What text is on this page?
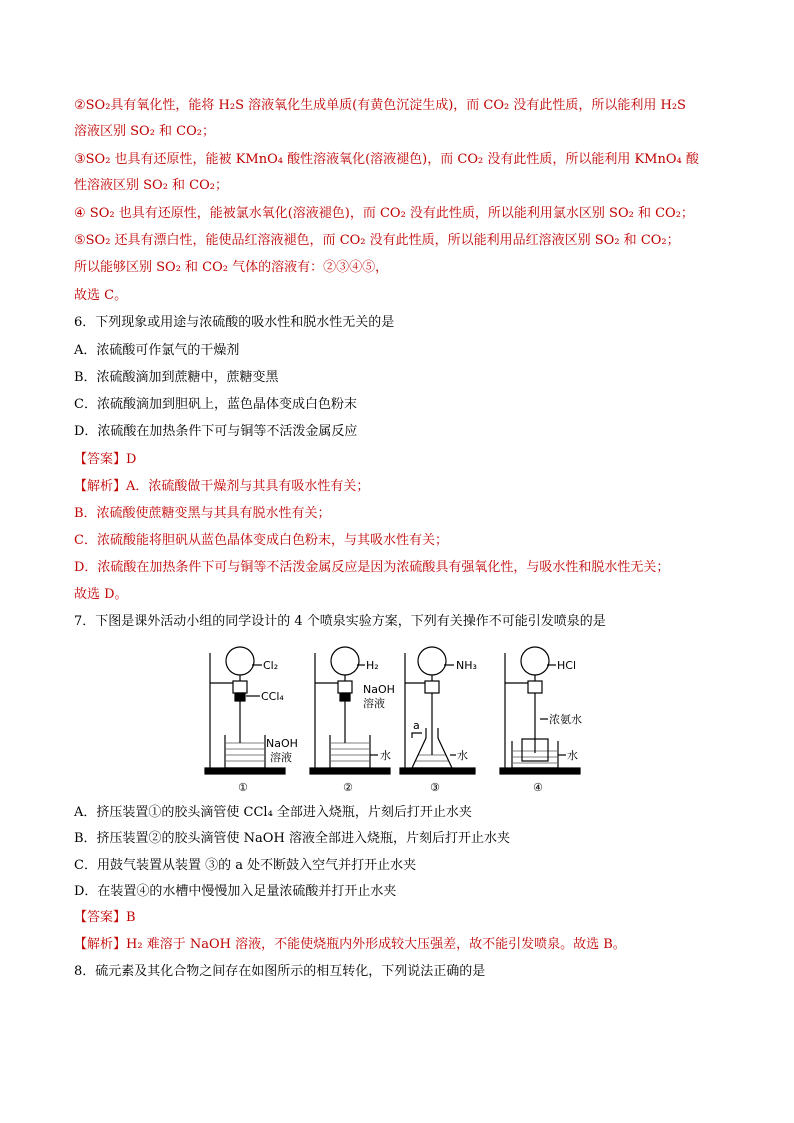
②SO₂具有氧化性，能将 H₂S 溶液氧化生成单质(有黄色沉淀生成)，而 CO₂ 没有此性质，所以能利用 H₂S
溶液区别 SO₂ 和 CO₂；
③SO₂ 也具有还原性，能被 KMnO₄ 酸性溶液氧化(溶液褪色)，而 CO₂ 没有此性质，所以能利用 KMnO₄ 酸
性溶液区别 SO₂ 和 CO₂；
④ SO₂ 也具有还原性，能被氯水氧化(溶液褪色)，而 CO₂ 没有此性质，所以能利用氯水区别 SO₂ 和 CO₂；
⑤SO₂ 还具有漂白性，能使品红溶液褪色，而 CO₂ 没有此性质，所以能利用品红溶液区别 SO₂ 和 CO₂；
所以能够区别 SO₂ 和 CO₂ 气体的溶液有：②③④⑤，
故选 C。
6．下列现象或用途与浓硫酸的吸水性和脱水性无关的是
A．浓硫酸可作氯气的干燥剂
B．浓硫酸滴加到蔗糖中，蔗糖变黑
C．浓硫酸滴加到胆矾上，蓝色晶体变成白色粉末
D．浓硫酸在加热条件下可与铜等不活泼金属反应
【答案】D
【解析】A．浓硫酸做干燥剂与其具有吸水性有关；
B．浓硫酸使蔗糖变黑与其具有脱水性有关；
C．浓硫酸能将胆矾从蓝色晶体变成白色粉末，与其吸水性有关；
D．浓硫酸在加热条件下可与铜等不活泼金属反应是因为浓硫酸具有强氧化性，与吸水性和脱水性无关；
故选 D。
7．下图是课外活动小组的同学设计的 4 个喷泉实验方案，下列有关操作不可能引发喷泉的是
Cl₂
CCl₄
NaOH
溶液
H₂
NaOH
溶液
水
NH₃
a
水
HCl
浓氨水
水
①	②	③	④
A．挤压装置①的胶头滴管使 CCl₄ 全部进入烧瓶，片刻后打开止水夹
B．挤压装置②的胶头滴管使 NaOH 溶液全部进入烧瓶，片刻后打开止水夹
C．用鼓气装置从装置 ③的 a 处不断鼓入空气并打开止水夹
D．在装置④的水槽中慢慢加入足量浓硫酸并打开止水夹
【答案】B
【解析】H₂ 难溶于 NaOH 溶液，不能使烧瓶内外形成较大压强差，故不能引发喷泉。故选 B。
8．硫元素及其化合物之间存在如图所示的相互转化，下列说法正确的是
